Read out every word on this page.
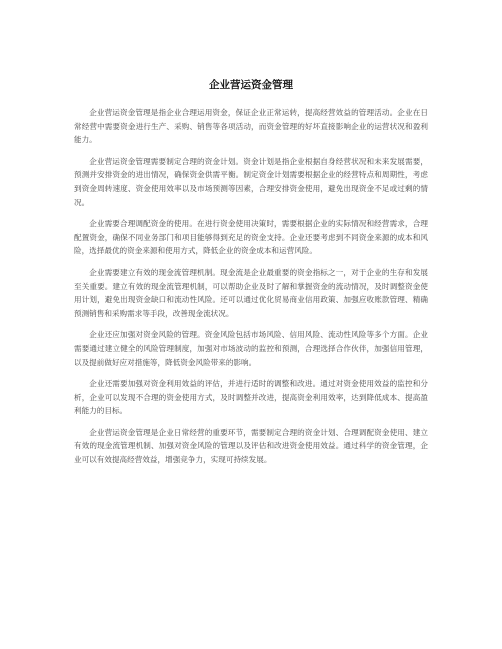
企业营运资金管理

企业营运资金管理是指企业合理运用资金，保证企业正常运转，提高经营效益的管理活动。企业在日常经营中需要资金进行生产、采购、销售等各项活动，而资金管理的好坏直接影响企业的运营状况和盈利能力。

企业营运资金管理需要制定合理的资金计划。资金计划是指企业根据自身经营状况和未来发展需要，预测并安排资金的进出情况，确保资金供需平衡。制定资金计划需要根据企业的经营特点和周期性，考虑到资金周转速度、资金使用效率以及市场预测等因素，合理安排资金使用，避免出现资金不足或过剩的情况。

企业需要合理调配资金的使用。在进行资金使用决策时，需要根据企业的实际情况和经营需求，合理配置资金，确保不同业务部门和项目能够得到充足的资金支持。企业还要考虑到不同资金来源的成本和风险，选择最优的资金来源和使用方式，降低企业的资金成本和运营风险。

企业需要建立有效的现金流管理机制。现金流是企业最重要的资金指标之一，对于企业的生存和发展至关重要。建立有效的现金流管理机制，可以帮助企业及时了解和掌握资金的流动情况，及时调整资金使用计划，避免出现资金缺口和流动性风险。还可以通过优化贸易商业信用政策、加强应收账款管理、精确预测销售和采购需求等手段，改善现金流状况。

企业还应加强对资金风险的管理。资金风险包括市场风险、信用风险、流动性风险等多个方面。企业需要通过建立健全的风险管理制度，加强对市场波动的监控和预测，合理选择合作伙伴，加强信用管理，以及提前做好应对措施等，降低资金风险带来的影响。

企业还需要加强对资金利用效益的评估，并进行适时的调整和改进。通过对资金使用效益的监控和分析，企业可以发现不合理的资金使用方式，及时调整并改进，提高资金利用效率，达到降低成本、提高盈利能力的目标。

企业营运资金管理是企业日常经营的重要环节，需要制定合理的资金计划、合理调配资金使用、建立有效的现金流管理机制、加强对资金风险的管理以及评估和改进资金使用效益。通过科学的资金管理，企业可以有效提高经营效益，增强竞争力，实现可持续发展。
